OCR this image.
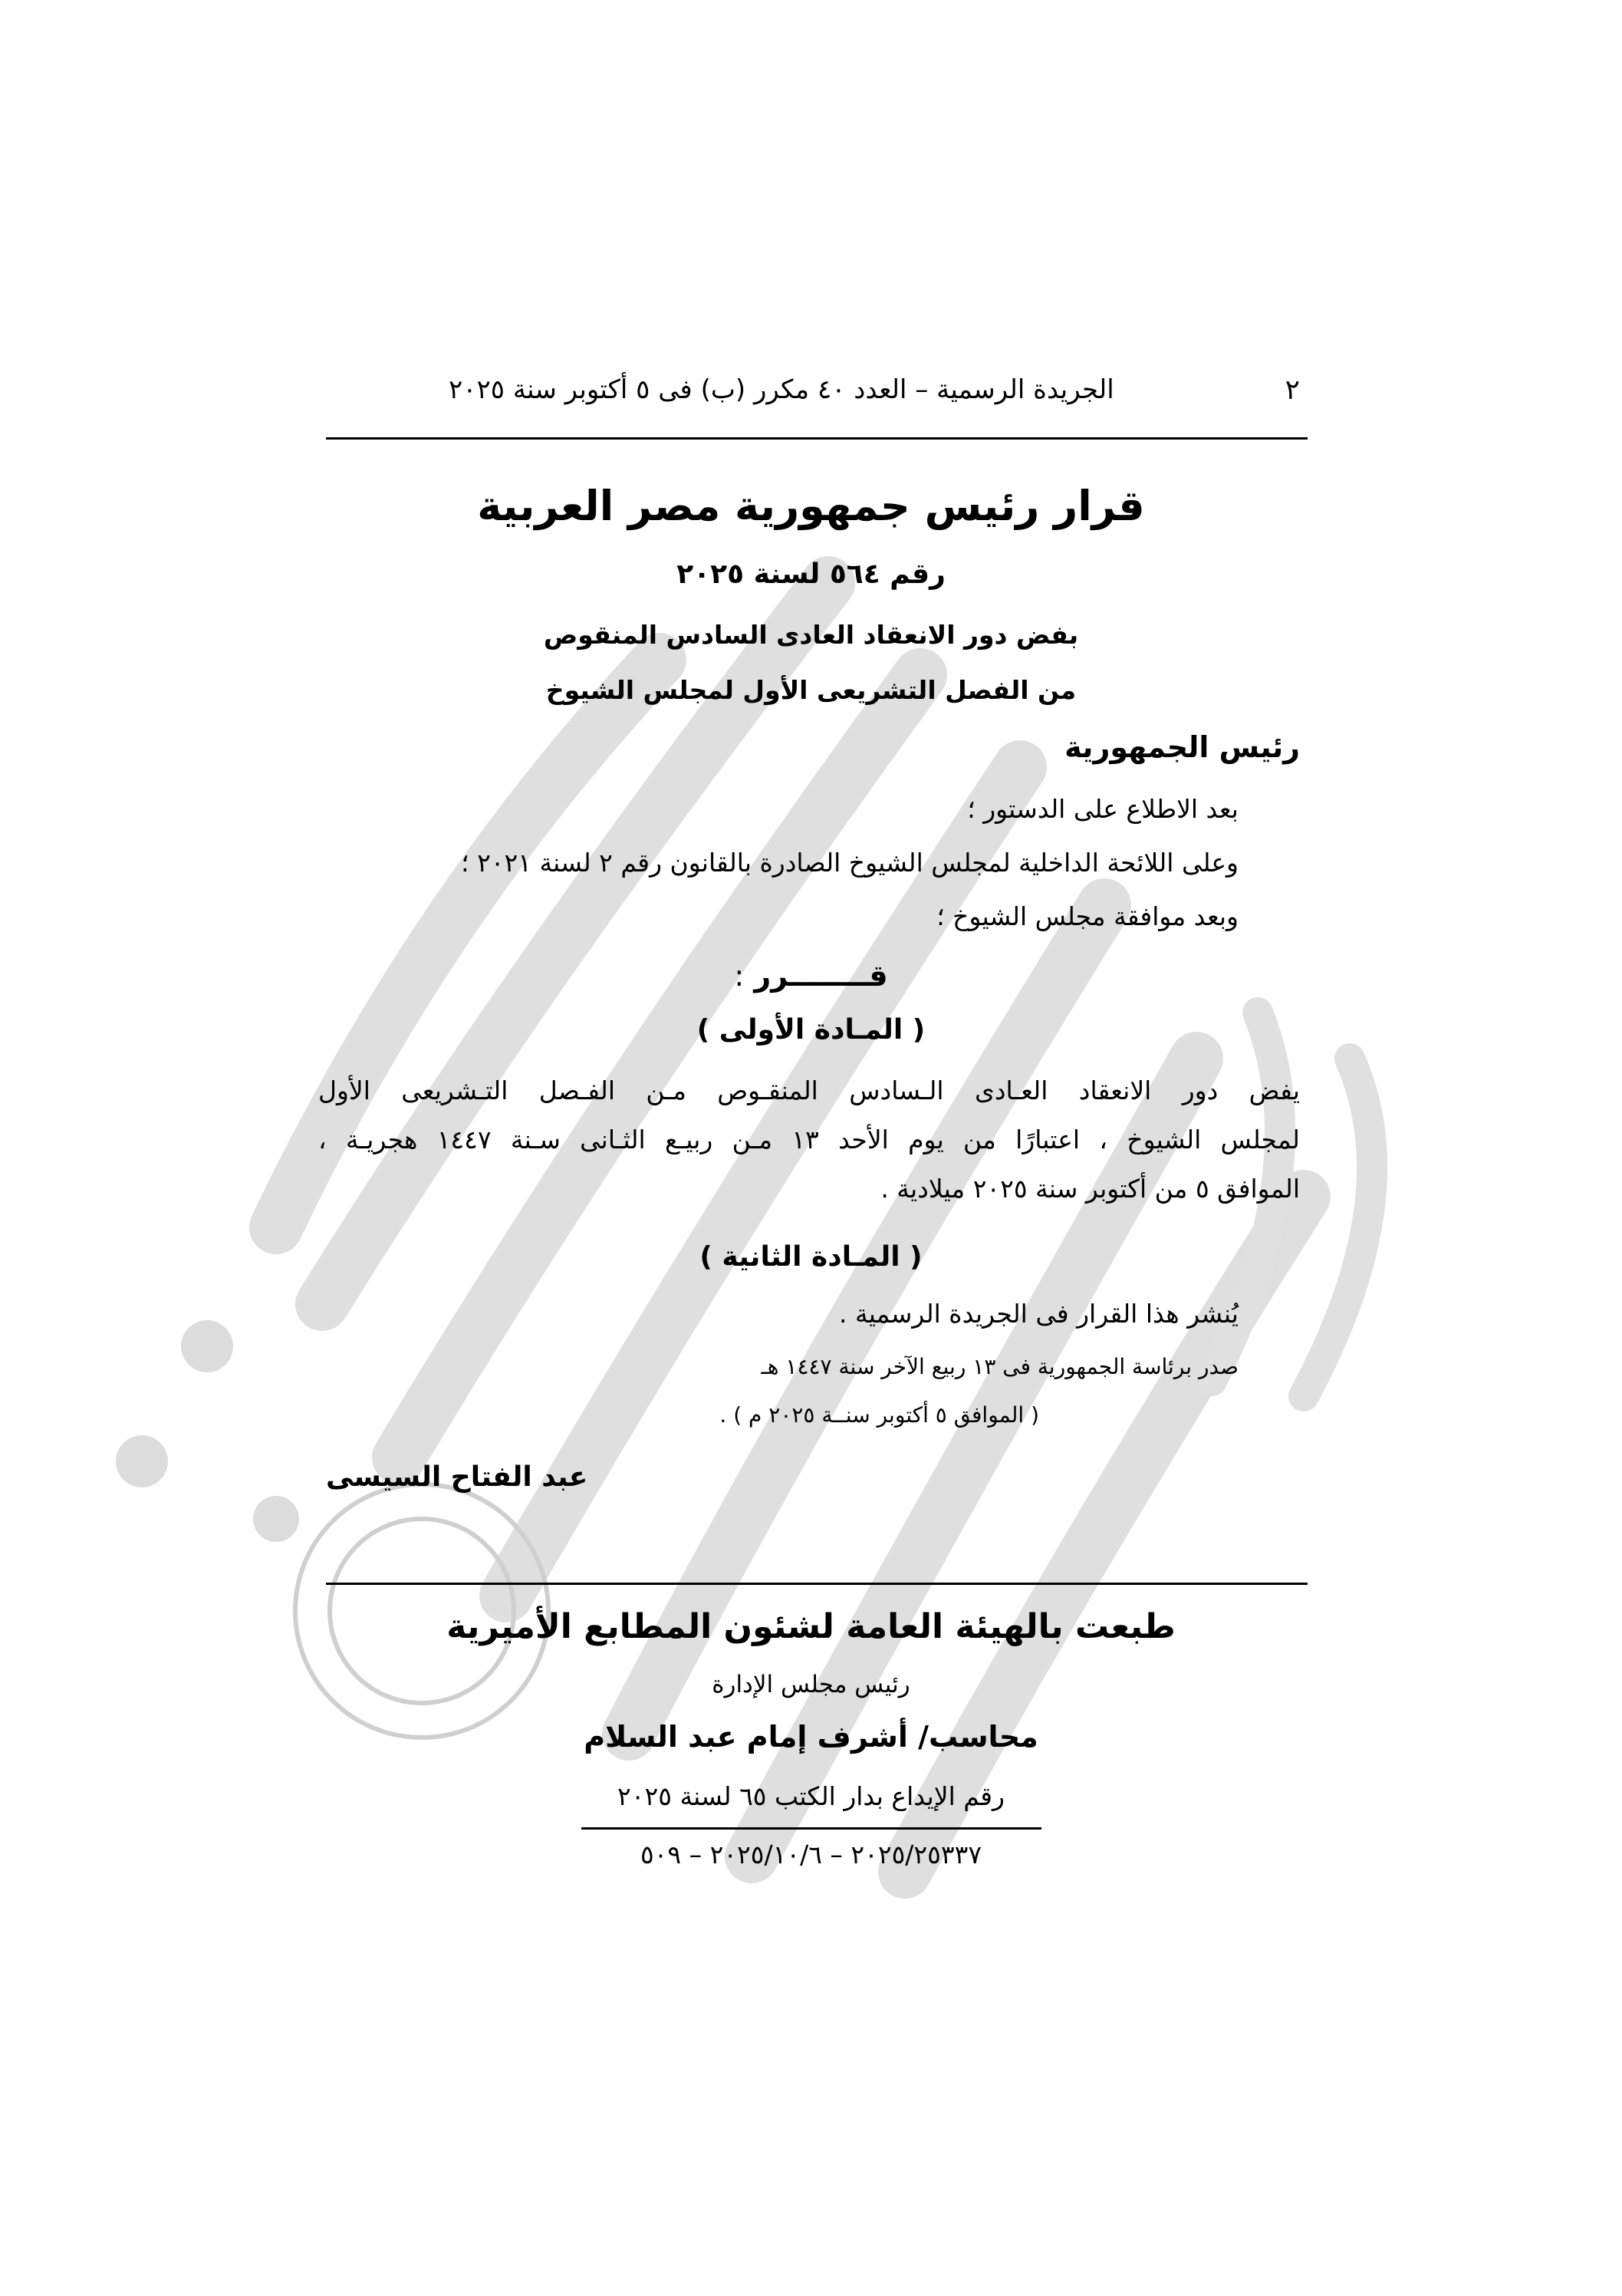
٢
الجريدة الرسمية – العدد ٤٠ مكرر (ب) فى ٥ أكتوبر سنة ٢٠٢٥
قرار رئيس جمهورية مصر العربية
رقم ٥٦٤ لسنة ٢٠٢٥
بفض دور الانعقاد العادى السادس المنقوص
من الفصل التشريعى الأول لمجلس الشيوخ
رئيس الجمهورية
بعد الاطلاع على الدستور ؛
وعلى اللائحة الداخلية لمجلس الشيوخ الصادرة بالقانون رقم ٢ لسنة ٢٠٢١ ؛
وبعد موافقة مجلس الشيوخ ؛
قــــــــرر :
( المـادة الأولى )
يفض دور الانعقاد العـادى الـسادس المنقـوص مـن الفـصل التـشريعى الأول
لمجلس الشيوخ ، اعتبارًا من يوم الأحد ١٣ مـن ربيـع الثـانى سـنة ١٤٤٧ هجريـة ،
الموافق ٥ من أكتوبر سنة ٢٠٢٥ ميلادية .
( المـادة الثانية )
يُنشر هذا القرار فى الجريدة الرسمية .
صدر برئاسة الجمهورية فى ١٣ ربيع الآخر سنة ١٤٤٧ هـ
( الموافق ٥ أكتوبر سنــة ٢٠٢٥ م ) .
عبد الفتاح السيسى
طبعت بالهيئة العامة لشئون المطابع الأميرية
رئيس مجلس الإدارة
محاسب/ أشرف إمام عبد السلام
رقم الإيداع بدار الكتب ٦٥ لسنة ٢٠٢٥
٢٠٢٥/٢٥٣٣٧ – ٢٠٢٥/١٠/٦ – ٥٠٩
